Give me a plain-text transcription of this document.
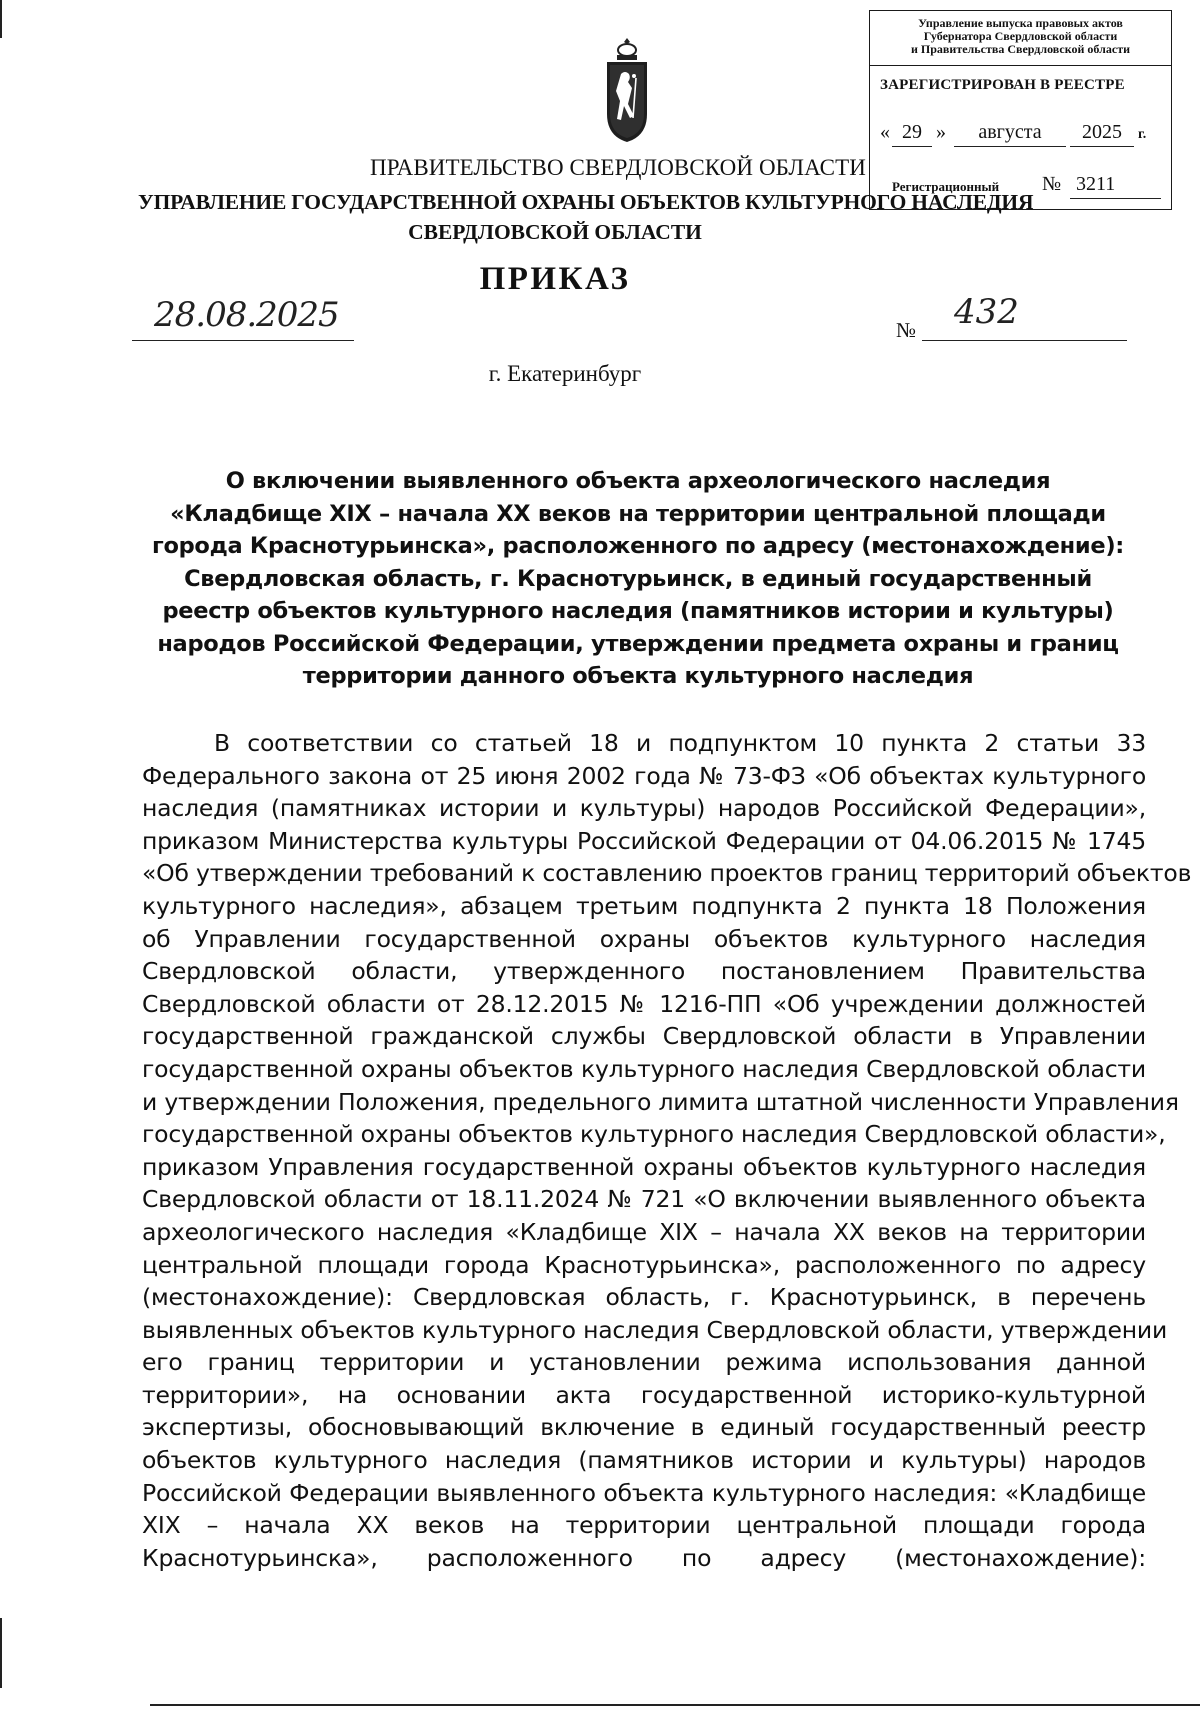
Управление выпуска правовых актов
Губернатора Свердловской области
и Правительства Свердловской области
ЗАРЕГИСТРИРОВАН В РЕЕСТРЕ
« 29 »	августа	2025	г.
Регистрационный № 3211
ПРАВИТЕЛЬСТВО СВЕРДЛОВСКОЙ ОБЛАСТИ
УПРАВЛЕНИЕ ГОСУДАРСТВЕННОЙ ОХРАНЫ ОБЪЕКТОВ КУЛЬТУРНОГО НАСЛЕДИЯ
СВЕРДЛОВСКОЙ ОБЛАСТИ
ПРИКАЗ
28.08.2025	№ 432
г. Екатеринбург
О включении выявленного объекта археологического наследия
«Кладбище XIX – начала XX веков на территории центральной площади
города Краснотурьинска», расположенного по адресу (местонахождение):
Свердловская область, г. Краснотурьинск, в единый государственный
реестр объектов культурного наследия (памятников истории и культуры)
народов Российской Федерации, утверждении предмета охраны и границ
территории данного объекта культурного наследия
В соответствии со статьей 18 и подпунктом 10 пункта 2 статьи 33
Федерального закона от 25 июня 2002 года № 73-ФЗ «Об объектах культурного
наследия (памятниках истории и культуры) народов Российской Федерации»,
приказом Министерства культуры Российской Федерации от 04.06.2015 № 1745
«Об утверждении требований к составлению проектов границ территорий объектов
культурного наследия», абзацем третьим подпункта 2 пункта 18 Положения
об Управлении государственной охраны объектов культурного наследия
Свердловской области, утвержденного постановлением Правительства
Свердловской области от 28.12.2015 № 1216-ПП «Об учреждении должностей
государственной гражданской службы Свердловской области в Управлении
государственной охраны объектов культурного наследия Свердловской области
и утверждении Положения, предельного лимита штатной численности Управления
государственной охраны объектов культурного наследия Свердловской области»,
приказом Управления государственной охраны объектов культурного наследия
Свердловской области от 18.11.2024 № 721 «О включении выявленного объекта
археологического наследия «Кладбище XIX – начала XX веков на территории
центральной площади города Краснотурьинска», расположенного по адресу
(местонахождение): Свердловская область, г. Краснотурьинск, в перечень
выявленных объектов культурного наследия Свердловской области, утверждении
его границ территории и установлении режима использования данной
территории», на основании акта государственной историко-культурной
экспертизы, обосновывающий включение в единый государственный реестр
объектов культурного наследия (памятников истории и культуры) народов
Российской Федерации выявленного объекта культурного наследия: «Кладбище
XIX – начала XX веков на территории центральной площади города
Краснотурьинска», расположенного по адресу (местонахождение):
